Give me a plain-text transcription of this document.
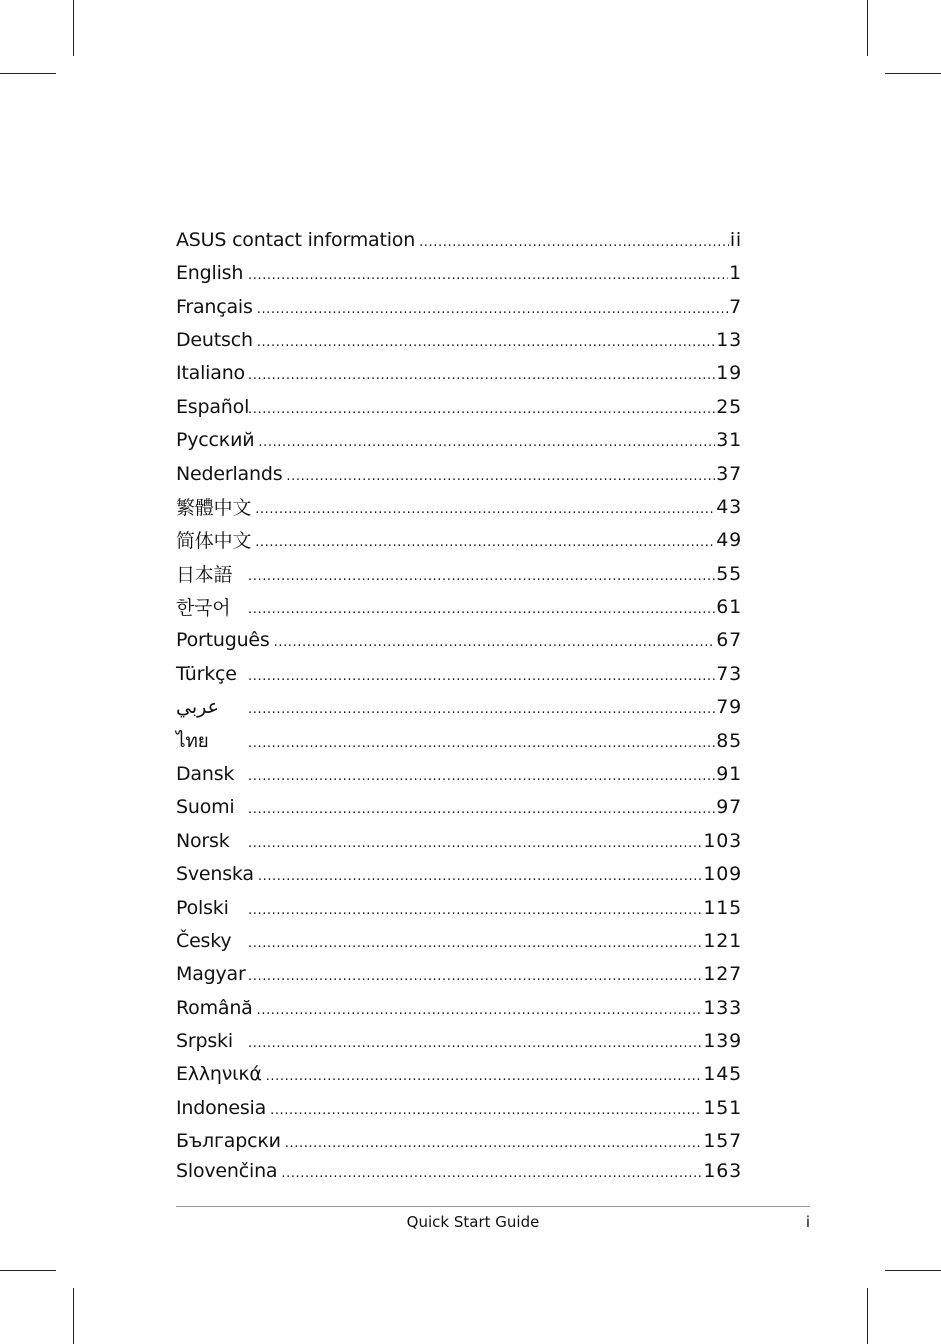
ASUS contact information .....	ii
English .....	1
Français .....	7
Deutsch .....	13
Italiano .....	19
Español .....	25
Русский .....	31
Nederlands .....	37
繁體中文 .....	43
简体中文 .....	49
日本語 .....	55
한국어 .....	61
Português .....	67
Türkçe .....	73
عربي .....	79
ไทย .....	85
Dansk .....	91
Suomi .....	97
Norsk .....	103
Svenska .....	109
Polski .....	115
Česky .....	121
Magyar .....	127
Română .....	133
Srpski .....	139
Ελληνικά .....	145
Indonesia .....	151
Български .....	157
Slovenčina .....	163
Quick Start Guide	i
